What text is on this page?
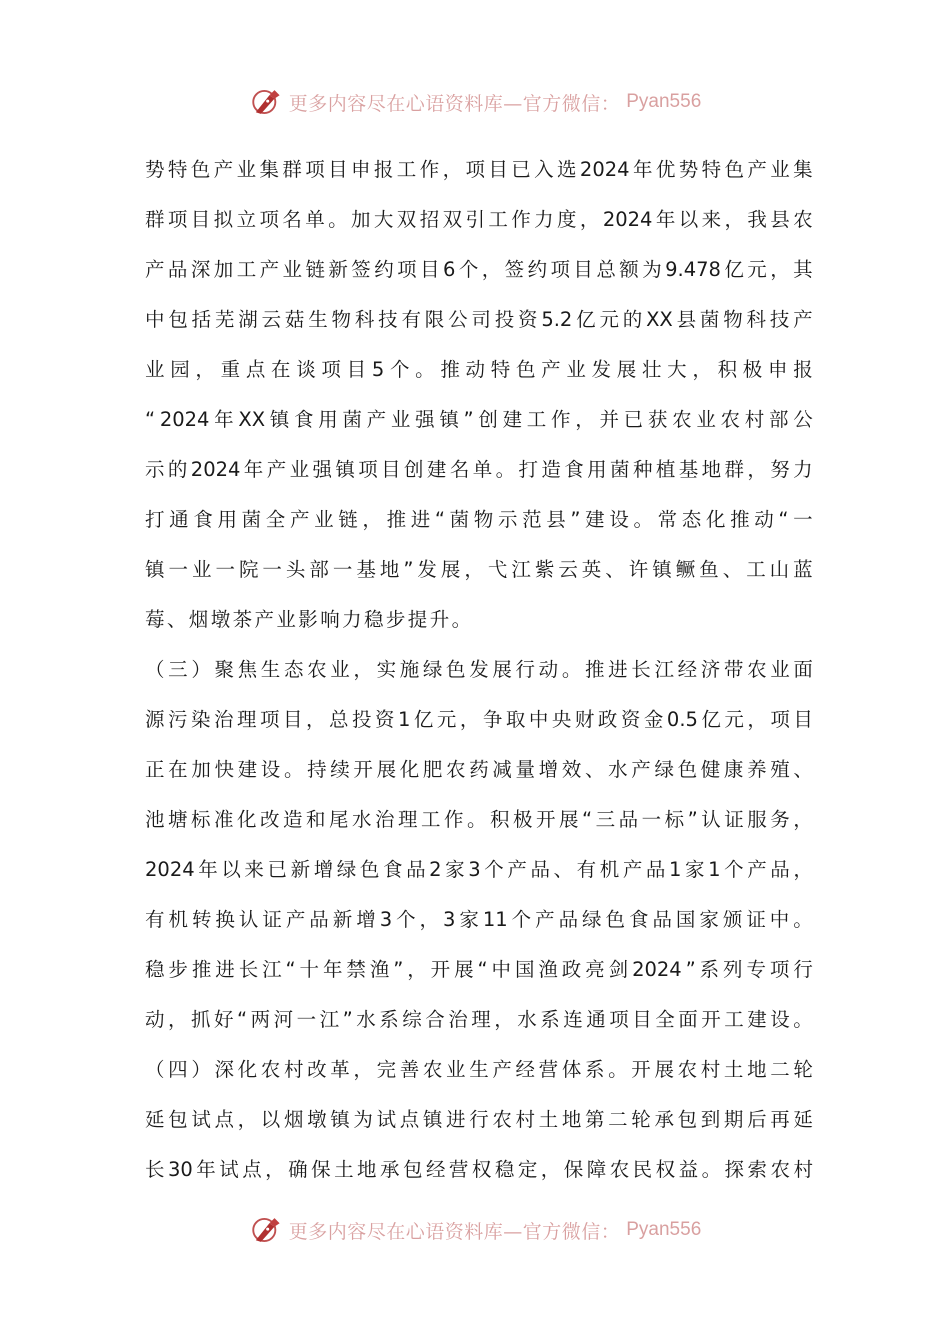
更多内容尽在心语资料库—官方微信： Pyan556
势 特 色 产 业 集 群 项 目 申 报 工 作 ， 项 目 已 入 选 2024 年 优 势 特 色 产 业 集
群 项 目 拟 立 项 名 单 。 加 大 双 招 双 引 工 作 力 度 ， 2024 年 以 来 ， 我 县 农
产 品 深 加 工 产 业 链 新 签 约 项 目 6 个 ， 签 约 项 目 总 额 为 9.478 亿 元 ， 其
中 包 括 芜 湖 云 菇 生 物 科 技 有 限 公 司 投 资 5.2 亿 元 的 XX 县 菌 物 科 技 产
业 园 ， 重 点 在 谈 项 目 5 个 。 推 动 特 色 产 业 发 展 壮 大 ， 积 极 申 报
“ 2024 年 XX 镇 食 用 菌 产 业 强 镇 ” 创 建 工 作 ， 并 已 获 农 业 农 村 部 公
示 的 2024 年 产 业 强 镇 项 目 创 建 名 单 。 打 造 食 用 菌 种 植 基 地 群 ， 努 力
打 通 食 用 菌 全 产 业 链 ， 推 进 “ 菌 物 示 范 县 ” 建 设 。 常 态 化 推 动 “ 一
镇 一 业 一 院 一 头 部 一 基 地 ” 发 展 ， 弋 江 紫 云 英 、 许 镇 鳜 鱼 、 工 山 蓝
莓、烟墩茶产业影响力稳步提升。
（ 三 ） 聚 焦 生 态 农 业 ， 实 施 绿 色 发 展 行 动 。 推 进 长 江 经 济 带 农 业 面
源 污 染 治 理 项 目 ， 总 投 资 1 亿 元 ， 争 取 中 央 财 政 资 金 0.5 亿 元 ， 项 目
正 在 加 快 建 设 。 持 续 开 展 化 肥 农 药 减 量 增 效 、 水 产 绿 色 健 康 养 殖 、
池 塘 标 准 化 改 造 和 尾 水 治 理 工 作 。 积 极 开 展 “ 三 品 一 标 ” 认 证 服 务 ，
2024 年 以 来 已 新 增 绿 色 食 品 2 家 3 个 产 品 、 有 机 产 品 1 家 1 个 产 品 ，
有 机 转 换 认 证 产 品 新 增 3 个 ， 3 家 11 个 产 品 绿 色 食 品 国 家 颁 证 中 。
稳 步 推 进 长 江 “ 十 年 禁 渔 ” ， 开 展 “ 中 国 渔 政 亮 剑 2024 ” 系 列 专 项 行
动 ， 抓 好 “ 两 河 一 江 ” 水 系 综 合 治 理 ， 水 系 连 通 项 目 全 面 开 工 建 设 。
（ 四 ） 深 化 农 村 改 革 ， 完 善 农 业 生 产 经 营 体 系 。 开 展 农 村 土 地 二 轮
延 包 试 点 ， 以 烟 墩 镇 为 试 点 镇 进 行 农 村 土 地 第 二 轮 承 包 到 期 后 再 延
长 30 年 试 点 ， 确 保 土 地 承 包 经 营 权 稳 定 ， 保 障 农 民 权 益 。 探 索 农 村
更多内容尽在心语资料库—官方微信： Pyan556
